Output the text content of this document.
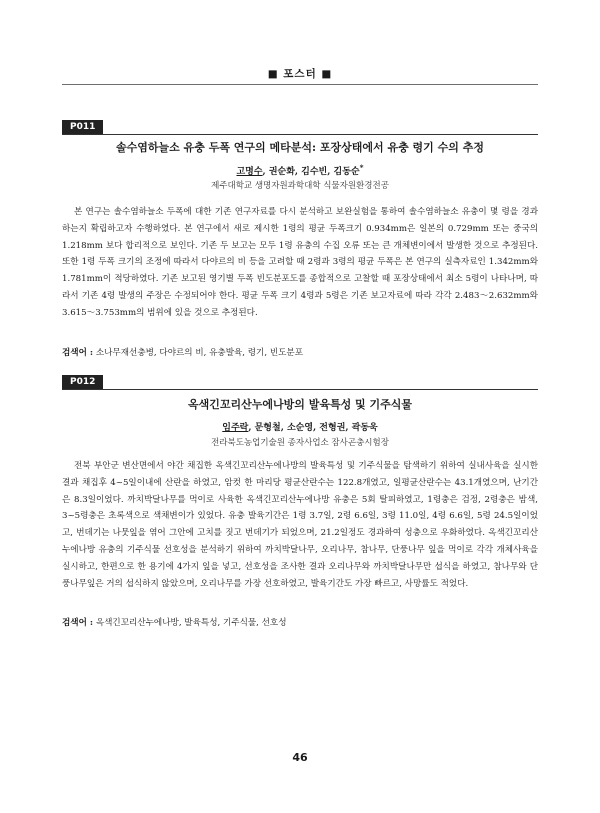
■ 포스터 ■
P011
솔수염하늘소 유충 두폭 연구의 메타분석: 포장상태에서 유충 령기 수의 추정
고명수, 권순화, 김수빈, 김동순*
제주대학교 생명자원과학대학 식물자원환경전공

본 연구는 솔수염하늘소 두폭에 대한 기존 연구자료를 다시 분석하고 보완실험을 통하여 솔수염하늘소 유충이 몇 령을 경과하는지 확립하고자 수행하였다. 본 연구에서 새로 제시한 1령의 평균 두폭크기 0.934mm은 일본의 0.729mm 또는 중국의 1.218mm 보다 합리적으로 보인다. 기존 두 보고는 모두 1령 유충의 수집 오류 또는 큰 개체변이에서 발생한 것으로 추정된다. 또한 1령 두폭 크기의 조정에 따라서 다야르의 비 등을 고려할 때 2령과 3령의 평균 두폭은 본 연구의 실측자료인 1.342mm와 1.781mm이 적당하였다. 기존 보고된 영기별 두폭 빈도분포도를 종합적으로 고찰할 때 포장상태에서 최소 5령이 나타나며, 따라서 기존 4령 발생의 주장은 수정되어야 한다. 평균 두폭 크기 4령과 5령은 기존 보고자료에 따라 각각 2.483～2.632mm와 3.615～3.753mm의 범위에 있을 것으로 추정된다.

검색어 : 소나무재선충병, 다야르의 비, 유충발육, 령기, 빈도분포
P012
옥색긴꼬리산누에나방의 발육특성 및 기주식물
임주락, 문형철, 소순영, 전형권, 곽동욱
전라북도농업기술원 종자사업소 잠사곤충시험장

전북 부안군 변산면에서 야간 채집한 옥색긴꼬리산누에나방의 발육특성 및 기주식물을 탐색하기 위하여 실내사육을 실시한 결과 채집후 4~5일이내에 산란을 하였고, 암컷 한 마리당 평균산란수는 122.8개였고, 일평균산란수는 43.1개였으며, 난기간은 8.3일이었다. 까치박달나무를 먹이로 사육한 옥색긴꼬리산누에나방 유충은 5회 탈피하였고, 1령충은 검정, 2령충은 밤색, 3~5령충은 초록색으로 색채변이가 있었다. 유충 발육기간은 1령 3.7일, 2령 6.6일, 3령 11.0일, 4령 6.6일, 5령 24.5일이었고, 번데기는 나뭇잎을 엮어 그안에 고치를 짓고 번데기가 되었으며, 21.2일정도 경과하여 성충으로 우화하였다. 옥색긴꼬리산누에나방 유충의 기주식물 선호성을 분석하기 위하여 까치박달나무, 오리나무, 참나무, 단풍나무 잎을 먹이로 각각 개체사육을 실시하고, 한편으로 한 용기에 4가지 잎을 넣고, 선호성을 조사한 결과 오리나무와 까치박달나무만 섭식을 하였고, 참나무와 단풍나무잎은 거의 섭식하지 않았으며, 오리나무를 가장 선호하였고, 발육기간도 가장 빠르고, 사망률도 적었다.

검색어 : 옥색긴꼬리산누에나방, 발육특성, 기주식물, 선호성
46
